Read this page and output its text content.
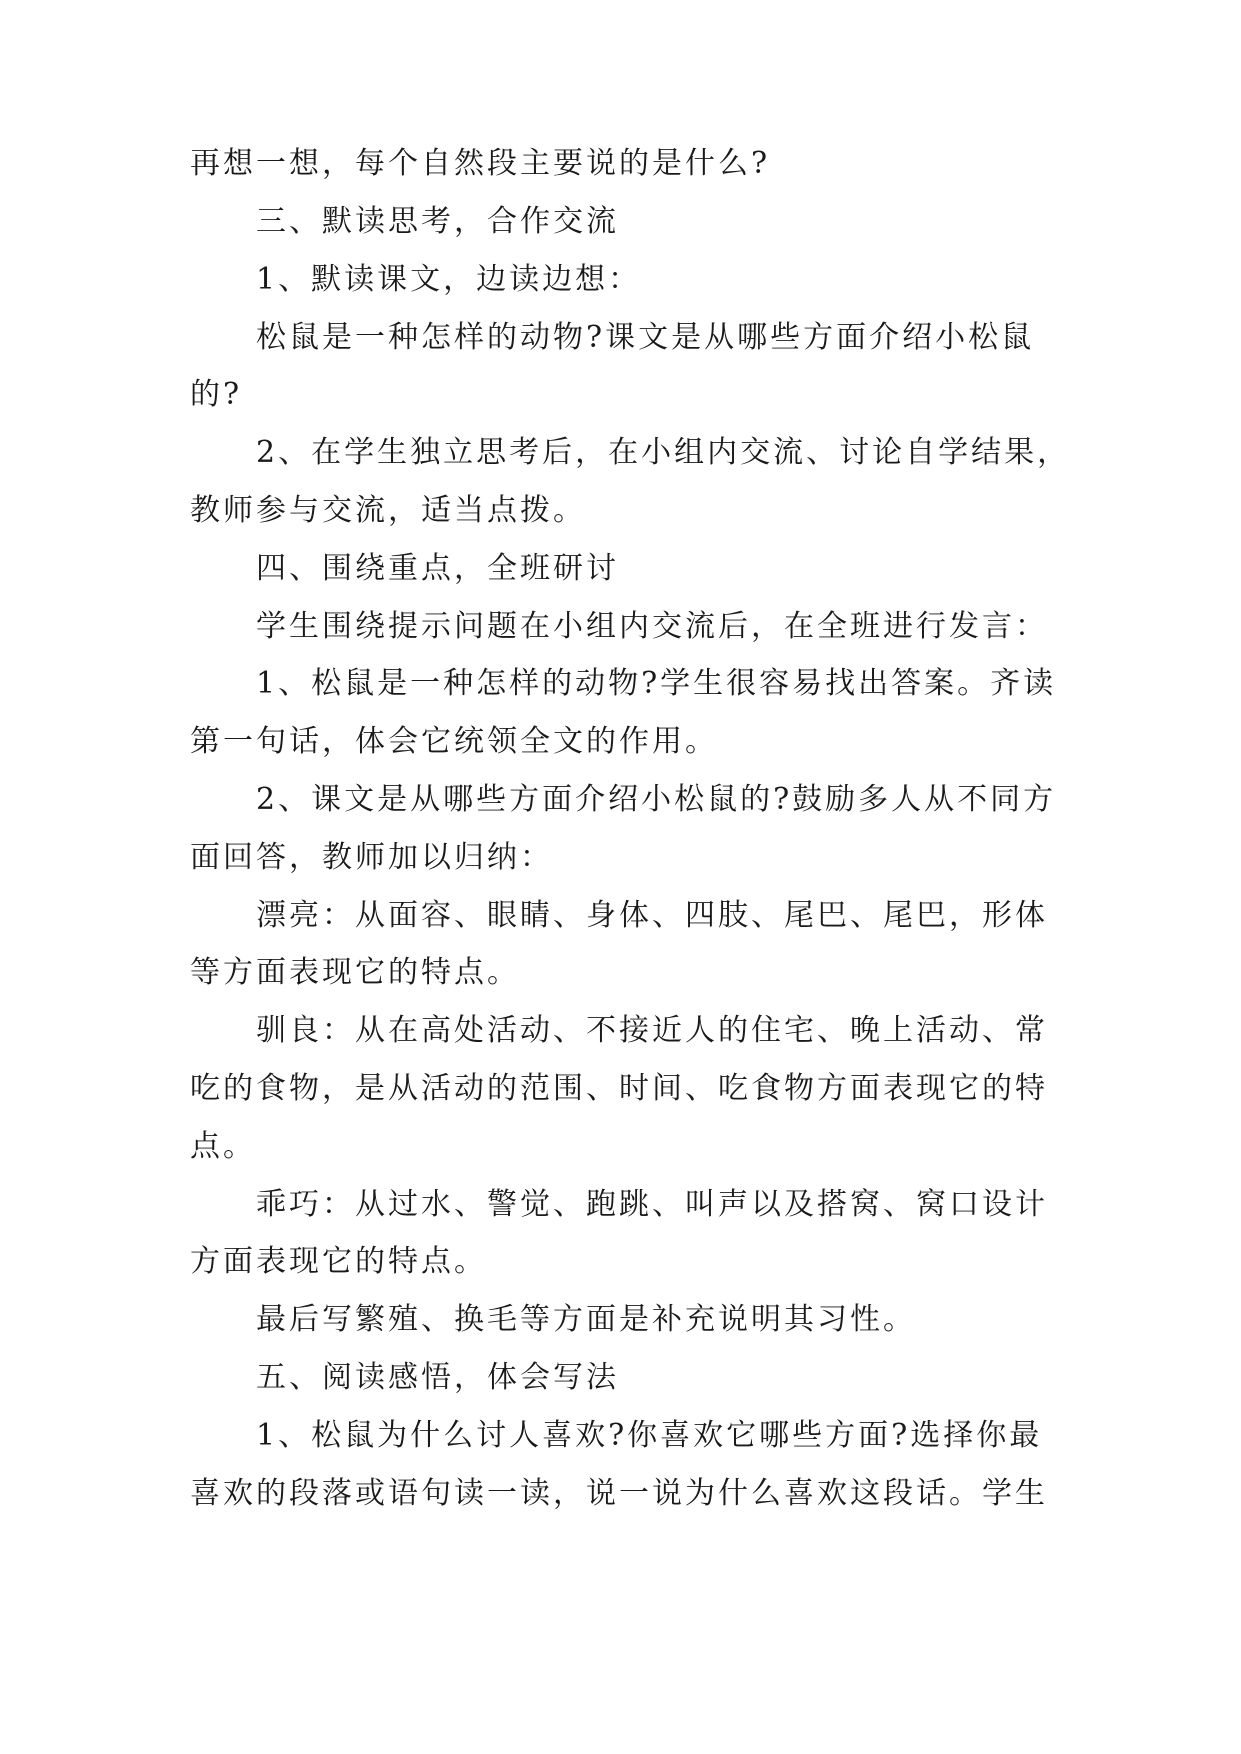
再想一想，每个自然段主要说的是什么?
三、默读思考，合作交流
1、默读课文，边读边想：
松鼠是一种怎样的动物?课文是从哪些方面介绍小松鼠
的?
2、在学生独立思考后，在小组内交流、讨论自学结果，
教师参与交流，适当点拨。
四、围绕重点，全班研讨
学生围绕提示问题在小组内交流后，在全班进行发言：
1、松鼠是一种怎样的动物?学生很容易找出答案。齐读
第一句话，体会它统领全文的作用。
2、课文是从哪些方面介绍小松鼠的?鼓励多人从不同方
面回答，教师加以归纳：
漂亮：从面容、眼睛、身体、四肢、尾巴、尾巴，形体
等方面表现它的特点。
驯良：从在高处活动、不接近人的住宅、晚上活动、常
吃的食物，是从活动的范围、时间、吃食物方面表现它的特
点。
乖巧：从过水、警觉、跑跳、叫声以及搭窝、窝口设计
方面表现它的特点。
最后写繁殖、换毛等方面是补充说明其习性。
五、阅读感悟，体会写法
1、松鼠为什么讨人喜欢?你喜欢它哪些方面?选择你最
喜欢的段落或语句读一读，说一说为什么喜欢这段话。学生
